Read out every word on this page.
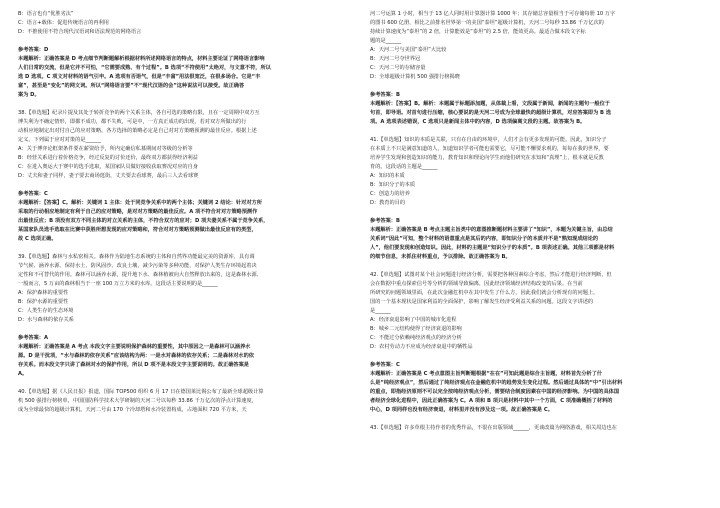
B：语言也有“优胜劣汰”
C：语言+载体：促进传统语言的再利用
D：不推使用不符合现代汉语词和语法规范的网络语言

参考答案：D
本题解析：正确答案是 D 考点细节判断题解析根据材料所述网络语言的特点，材料主要论证了网络语言影响
人们日常的交流，但是它并不可怕，“它需要成熟、有个过程”。B 选项“不符使用”太绝对，与文意不符，所以
选 D 选项。C 项文对材料的语气引申。A 选项有否语气，但是“丰富”用法很宽泛，在很多场合。它是“丰
富”，甚至是“变化”的网文词。所以“网络语言要”不“现代汉语的会”这种说法可以接受。故正确答
案为 D。

38.【单选题】纪录片提及其处于转折竞争的两个关系主体，各自可选的策略有限，且在一定周期中双方互
博失利为不确定情形，即都不成功，都不失败，可是中，一方真正成功的出现，若对双方所做出的行
动相应地制定出对付自己的应对策略。各方选择的策略必定是自己对对方策略预测的最佳反应。根据上述
定义，下列属于应对对策的是______
A：关于博弈论框架条件要在薪资给予，所内定确信私募期间对等级的分析等
B：经营关系进行着价格竞争，经过反复的讨价还价，最终双方都获得经济利益
C：在进入奥运大于赛中的选手选取，某国家队员做好接收获取赛况对应的自身
D：丈夫和妻子同样，妻子要去商场逛街，丈夫要去看球赛，最后三人去看球赛

参考答案：C
本题解析：【答案】C。解析：关键词 1 主体：处于同竞争关系中的两个主体；关键词 2 结论：针对对方所
采取的行动相应地制定有利于自己的应对策略，是对对方策略的最佳反应。A 项不符合对对方策略预测作
出最佳反应；B 项没有双方不同主体的对立关系的主体，不符合双方的应对；D 项夫妻关系不属于竞争关系，
某国家队员选手选取在比赛中获胜所想发现的应对策略和，符合对对方策略预测做出最佳反应有的类型，
故 C 选项正确。

39.【单选题】森林与水私密相关。森林作为陆地生态系统的主体和自然界功能最完美的资源库，具有调
节气候、涵养水源、保持水土、防风固沙、改良土壤、减少污染等多种功能，对保护人类生存环境起着决
定性和不可替代的作用。森林可以涵养水源，提升地下水、森林植被向大自然释放出来的，这是森林水源、
一般而言，5 万亩的森林相当于一座 100 万立方米的水库。这段话主要说明的是______
A：保护森林的重要性
B：保护水源的重要性
C：人类生存的生态环境
D：水与森林的依存关系

参考答案：A
本题解析：正确答案是 A 考点 本段文字主要说明保护森林的重要性，其中原因之一是森林可以涵养水
源。D 是干扰项，“水与森林的依存关系”应该结构为两：一是水对森林的依存关系；二是森林对水的依
存关系。而本段文字只讲了森林对水的保护作用，所以 D 项不是本段文字主要说明的。故正确答案是
A。

40.【单选题】据《人民日报》报道，国际 TOP500 组织 6 月 17 日在德国莱比锡公布了最新全球超级计算
机 500 强排行榜榜单，中国国防科学技术大学研制的天河二号以每秒 33.86 千万亿次的浮点计算速度，
成为全球最快的超级计算机。天河二号由 170 个冷却塔和水冷装置构成，占地面积 720 平方米，天
河二号运算 1 小时，相当于 13 亿人同时用计算器计算 1000 年；其存储总容量相当于可存储每册 10 万字
的图书 600 亿册，相比之前排名世界第一的美国“泰坦”超级计算机，天河二号每秒 33.86 千万亿次的
持续计算速度为“泰坦”的 2 倍，计算能效是“泰坦”的 2.5 倍，能效更高。最适合做本段文字标
题的是______
A：天河二号与美国“泰坦”大比较
B：天河二号夺世界冠
C：天河二号的存储容量
D：全球超级计算机 500 强排行榜揭晓

参考答案：B
本题解析：【答案】B。解析：本题属于标题添加题，从体裁上看，文段属于新闻，新闻的主题句一般位于
句首，即导语。对首句进行压缩，核心要说的是天河二号成为全球最快的超级计算机，对应答案即为 B 选
项。A 选项表述错误，C 选项只是新闻主体中的内容，D 选项偏离文段的主题。故答案为 B。

41.【单选题】知识的本质是关联，只有在自由的环境中，人们才会有更多发现的可能。因此，知识分子
在本质上不只是满意知道的人，知道知识学者可能也需要它，尽可能不懈要求观的，每每在我的世界，要
培养学生发现和创造知识的能力，教育知识和理论向学生而他们研究在求知和“真理”上，根本就是反教
育的。这段话的主题是______
A：知识的本质
B：知识分子的本质
C：创造力的培养
D：教育的目的

参考答案：B
本题解析：正确答案是 B 考点主题主旨类中的意图推断题材料主要讲了“知识”，本题为关键主旨，由总结
关系词“因此”可知，整个材料的语意重点是其后的内容，即知识分子的本质并不是“熟知现成结论的
人”，他们要发现和创造知识。因此，材料的主题是“知识分子的本质”。B 项表述正确。其他三项都是材料
的细节信息，未抓住材料重点，予以排除。故正确答案为 B。

42.【单选题】试图对某个社会问题进行经济分析，需要把各种因素综合考虑，然后才能进行经济判断，但
会在数据中重点探索信号等分析的领域导致偏离，因此经济领域经济结构改变的后果。在当前
所研究的问题领域里面，在此次金融危机中在其中发生了什么方，因此我们就会分析现有的问题上，
国的一个基本现状是国家利益的全面保护，影响了解发生经济受利益关系的问题。这段文字讲述的
是______
A：经济衰退影响了中国的城市化进程
B：城乡二元结构使得了经济衰退的影响
C：不能过分依赖纯经济观点的经济分析
D：农村劳动力不应成为经济衰退中的牺牲品

参考答案：C
本题解析：正确答案是 C 考点意图主旨判断题根据“在在”可知此题是综合主旨题，材料首先分析了什
么是“纯经济观点”，然后通过了纯经济观点在金融危机中的趋势发生变化过程。然后通过具体的“中”引出材料
的重点，即指经济原则不可以完全按纯经济观点分析，需要结合制度因素在中国的经济影响。为中国的具体国
者经济全球化进程中，因此正确答案为 C。A 项和 B 项只是材料中其中一个方面，C 项准确概括了材料的
中心，D 项同样也没有经济衰退，材料里并没有涉及这一项。故正确答案是 C。

43.【单选题】许多草根主持作者的优秀作品，不很在出版领域______，更谈改篇为网络游戏，相关周边也在
